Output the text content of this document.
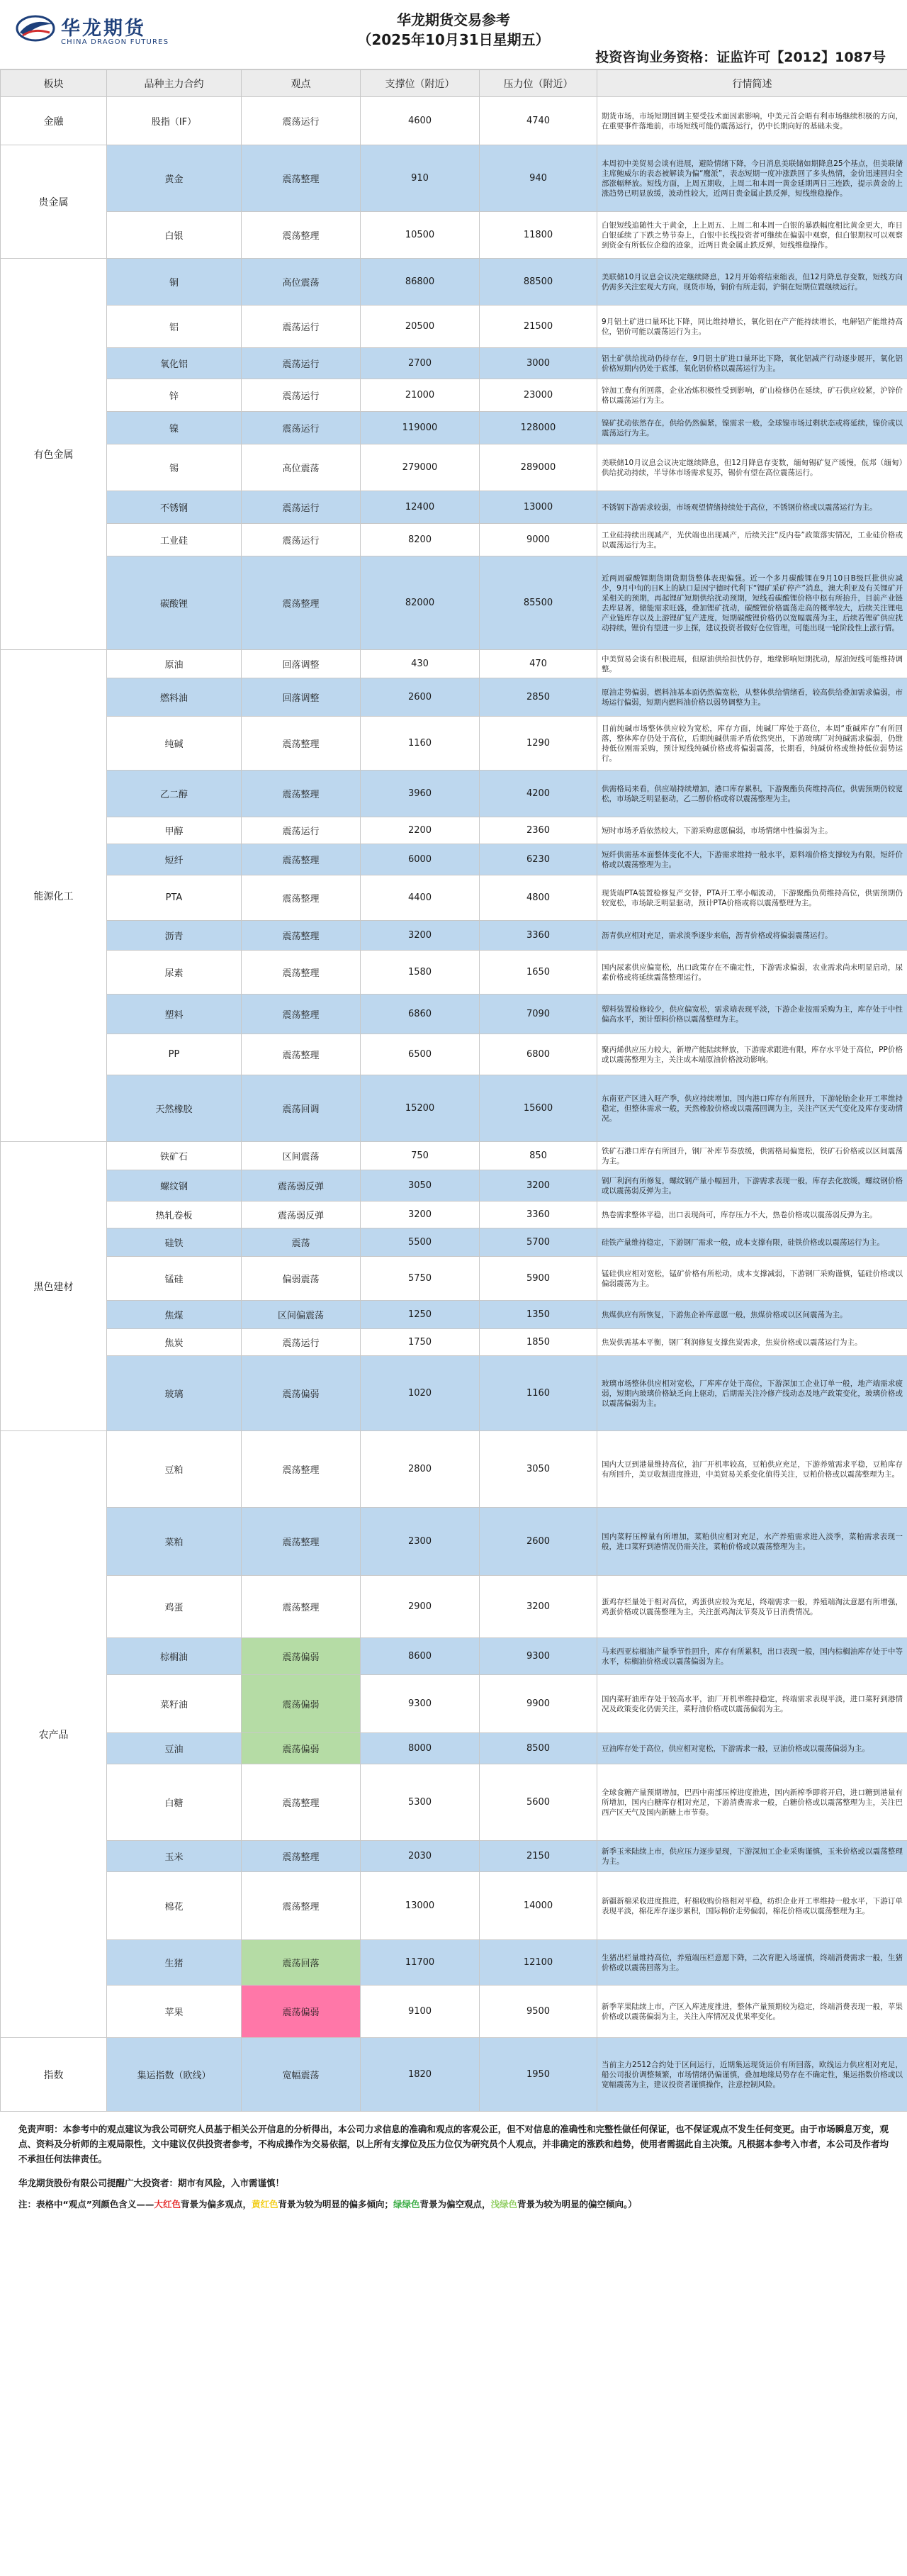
华龙期货
CHINA DRAGON FUTURES
华龙期货交易参考
（2025年10月31日星期五）
投资咨询业务资格：证监许可【2012】1087号
板块	品种主力合约	观点	支撑位（附近）	压力位（附近）	行情简述
金融	股指（IF）	震荡运行	4600	4740	期货市场，市场短期回调主要受技术面因素影响，中美元首会晤有利市场继续积极的方向，在重要事件落地前，市场短线可能仍震荡运行，仍中长期向好的基础未变。
贵金属	黄金	震荡整理	910	940	本周初中美贸易会谈有进展，避险情绪下降，今日消息美联储如期降息25个基点，但美联储主席鲍威尔的表态被解读为偏“鹰派”，表态短期一度冲涨跌回了多头热情，金价迅速回归全部涨幅释放。短线方面，上周五期收，上周二和本周一黄金延期两日三连跌，提示黄金的上涨趋势已明显放缓，波动性较大，近两日贵金属止跌反弹，短线维稳操作。
	白银	震荡整理	10500	11800	白银短线追随性大于黄金，上上周五、上周二和本周一白银的暴跌幅度相比黄金更大，昨日白银延续了下跌之势节奏上，白银中长线投资者可继续在偏弱中观察，但白银期权可以观察到资金有所低位企稳的迹象，近两日贵金属止跌反弹，短线维稳操作。
有色金属	铜	高位震荡	86800	88500	美联储10月议息会议决定继续降息，12月开始将结束缩表，但12月降息存变数，短线方向仍需多关注宏观大方向，现货市场，铜价有所走弱，沪铜在短期位置继续运行。
	铝	震荡运行	20500	21500	9月铝土矿进口量环比下降，同比维持增长，氧化铝在产产能持续增长，电解铝产能维持高位，铝价可能以震荡运行为主。
	氧化铝	震荡运行	2700	3000	铝土矿供给扰动仍待存在，9月铝土矿进口量环比下降，氧化铝减产行动逐步展开，氧化铝价格短期内仍处于底部，氧化铝价格以震荡运行为主。
	锌	震荡运行	21000	23000	锌加工费有所回落，企业冶炼积极性受到影响，矿山检修仍在延续，矿石供应较紧，沪锌价格以震荡运行为主。
	镍	震荡运行	119000	128000	镍矿扰动依然存在，供给仍然偏紧，镍需求一般，全球镍市场过剩状态或将延续，镍价或以震荡运行为主。
	锡	高位震荡	279000	289000	美联储10月议息会议决定继续降息，但12月降息存变数，缅甸锡矿复产缓慢，佤邦（缅甸）供给扰动持续，半导体市场需求复苏，锡价有望在高位震荡运行。
	不锈钢	震荡运行	12400	13000	不锈钢下游需求较弱，市场观望情绪持续处于高位，不锈钢价格或以震荡运行为主。
	工业硅	震荡运行	8200	9000	工业硅持续出现减产，光伏端也出现减产，后续关注“反内卷”政策落实情况，工业硅价格或以震荡运行为主。
	碳酸锂	震荡整理	82000	85500	近两周碳酸锂期货期货期货整体表现偏强。近一个多月碳酸锂在9月10日B级巨批供应减少，9月中旬的日K上的缺口是因宁德时代利下“锂矿采矿停产”消息，澳大利亚及有关锂矿开采相关的预期，再起锂矿短期供给扰动预期，短线看碳酸锂价格中枢有所抬升，目前产业链去库显著，储能需求旺盛，叠加锂矿扰动，碳酸锂价格震荡走高的概率较大，后续关注锂电产业链库存以及上游锂矿复产进度，短期碳酸锂价格仍以宽幅震荡为主，后续若锂矿供应扰动持续，锂价有望进一步上探，建议投资者做好仓位管理，可能出现一轮阶段性上涨行情。
能源化工	原油	回落调整	430	470	中美贸易会谈有积极进展，但原油供给担忧仍存，地缘影响短期扰动，原油短线可能维持调整。
	燃料油	回落调整	2600	2850	原油走势偏弱，燃料油基本面仍然偏宽松，从整体供给情绪看，较高供给叠加需求偏弱，市场运行偏弱，短期内燃料油价格以弱势调整为主。
	纯碱	震荡整理	1160	1290	目前纯碱市场整体供应较为宽松，库存方面，纯碱厂库处于高位，本周“重碱库存”有所回落，整体库存仍处于高位，后期纯碱供需矛盾依然突出，下游玻璃厂对纯碱需求偏弱，仍维持低位刚需采购，预计短线纯碱价格或将偏弱震荡，长期看，纯碱价格或维持低位弱势运行。
	乙二醇	震荡整理	3960	4200	供需格局来看，供应端持续增加，港口库存累积，下游聚酯负荷维持高位，供需预期仍较宽松，市场缺乏明显驱动，乙二醇价格或将以震荡整理为主。
	甲醇	震荡运行	2200	2360	短时市场矛盾依然较大，下游采购意愿偏弱，市场情绪中性偏弱为主。
	短纤	震荡整理	6000	6230	短纤供需基本面整体变化不大，下游需求维持一般水平，原料端价格支撑较为有限，短纤价格或以震荡整理为主。
	PTA	震荡整理	4400	4800	现货端PTA装置检修复产交替，PTA开工率小幅波动，下游聚酯负荷维持高位，供需预期仍较宽松，市场缺乏明显驱动，预计PTA价格或将以震荡整理为主。
	沥青	震荡整理	3200	3360	沥青供应相对充足，需求淡季逐步来临，沥青价格或将偏弱震荡运行。
	尿素	震荡整理	1580	1650	国内尿素供应偏宽松，出口政策存在不确定性，下游需求偏弱，农业需求尚未明显启动，尿素价格或将延续震荡整理运行。
	塑料	震荡整理	6860	7090	塑料装置检修较少，供应偏宽松，需求端表现平淡，下游企业按需采购为主，库存处于中性偏高水平，预计塑料价格以震荡整理为主。
	PP	震荡整理	6500	6800	聚丙烯供应压力较大，新增产能陆续释放，下游需求跟进有限，库存水平处于高位，PP价格或以震荡整理为主，关注成本端原油价格波动影响。
	天然橡胶	震荡回调	15200	15600	东南亚产区进入旺产季，供应持续增加，国内港口库存有所回升，下游轮胎企业开工率维持稳定，但整体需求一般，天然橡胶价格或以震荡回调为主，关注产区天气变化及库存变动情况。
黑色建材	铁矿石	区间震荡	750	850	铁矿石港口库存有所回升，钢厂补库节奏放缓，供需格局偏宽松，铁矿石价格或以区间震荡为主。
	螺纹钢	震荡弱反弹	3050	3200	钢厂利润有所修复，螺纹钢产量小幅回升，下游需求表现一般，库存去化放缓，螺纹钢价格或以震荡弱反弹为主。
	热轧卷板	震荡弱反弹	3200	3360	热卷需求整体平稳，出口表现尚可，库存压力不大，热卷价格或以震荡弱反弹为主。
	硅铁	震荡	5500	5700	硅铁产量维持稳定，下游钢厂需求一般，成本支撑有限，硅铁价格或以震荡运行为主。
	锰硅	偏弱震荡	5750	5900	锰硅供应相对宽松，锰矿价格有所松动，成本支撑减弱，下游钢厂采购谨慎，锰硅价格或以偏弱震荡为主。
	焦煤	区间偏震荡	1250	1350	焦煤供应有所恢复，下游焦企补库意愿一般，焦煤价格或以区间震荡为主。
	焦炭	震荡运行	1750	1850	焦炭供需基本平衡，钢厂利润修复支撑焦炭需求，焦炭价格或以震荡运行为主。
	玻璃	震荡偏弱	1020	1160	玻璃市场整体供应相对宽松，厂库库存处于高位，下游深加工企业订单一般，地产端需求疲弱，短期内玻璃价格缺乏向上驱动，后期需关注冷修产线动态及地产政策变化，玻璃价格或以震荡偏弱为主。
农产品	豆粕	震荡整理	2800	3050	国内大豆到港量维持高位，油厂开机率较高，豆粕供应充足，下游养殖需求平稳，豆粕库存有所回升，美豆收割进度推进，中美贸易关系变化值得关注，豆粕价格或以震荡整理为主。
	菜粕	震荡整理	2300	2600	国内菜籽压榨量有所增加，菜粕供应相对充足，水产养殖需求进入淡季，菜粕需求表现一般，进口菜籽到港情况仍需关注，菜粕价格或以震荡整理为主。
	鸡蛋	震荡整理	2900	3200	蛋鸡存栏量处于相对高位，鸡蛋供应较为充足，终端需求一般，养殖端淘汰意愿有所增强，鸡蛋价格或以震荡整理为主，关注蛋鸡淘汰节奏及节日消费情况。
	棕榈油	震荡偏弱	8600	9300	马来西亚棕榈油产量季节性回升，库存有所累积，出口表现一般，国内棕榈油库存处于中等水平，棕榈油价格或以震荡偏弱为主。
	菜籽油	震荡偏弱	9300	9900	国内菜籽油库存处于较高水平，油厂开机率维持稳定，终端需求表现平淡，进口菜籽到港情况及政策变化仍需关注，菜籽油价格或以震荡偏弱为主。
	豆油	震荡偏弱	8000	8500	豆油库存处于高位，供应相对宽松，下游需求一般，豆油价格或以震荡偏弱为主。
	白糖	震荡整理	5300	5600	全球食糖产量预期增加，巴西中南部压榨进度推进，国内新榨季即将开启，进口糖到港量有所增加，国内白糖库存相对充足，下游消费需求一般，白糖价格或以震荡整理为主，关注巴西产区天气及国内新糖上市节奏。
	玉米	震荡整理	2030	2150	新季玉米陆续上市，供应压力逐步显现，下游深加工企业采购谨慎，玉米价格或以震荡整理为主。
	棉花	震荡整理	13000	14000	新疆新棉采收进度推进，籽棉收购价格相对平稳，纺织企业开工率维持一般水平，下游订单表现平淡，棉花库存逐步累积，国际棉价走势偏弱，棉花价格或以震荡整理为主。
	生猪	震荡回落	11700	12100	生猪出栏量维持高位，养殖端压栏意愿下降，二次育肥入场谨慎，终端消费需求一般，生猪价格或以震荡回落为主。
	苹果	震荡偏弱	9100	9500	新季苹果陆续上市，产区入库进度推进，整体产量预期较为稳定，终端消费表现一般，苹果价格或以震荡偏弱为主，关注入库情况及优果率变化。
指数	集运指数（欧线）	宽幅震荡	1820	1950	当前主力2512合约处于区间运行，近期集运现货运价有所回落，欧线运力供应相对充足，船公司报价调整频繁，市场情绪仍偏谨慎，叠加地缘局势存在不确定性，集运指数价格或以宽幅震荡为主，建议投资者谨慎操作，注意控制风险。
免责声明：本参考中的观点建议为我公司研究人员基于相关公开信息的分析得出，本公司力求信息的准确和观点的客观公正，但不对信息的准确性和完整性做任何保证，也不保证观点不发生任何变更。由于市场瞬息万变，观点、资料及分析师的主观局限性，文中建议仅供投资者参考，不构成操作为交易依据，以上所有支撑位及压力位仅为研究员个人观点，并非确定的涨跌和趋势，使用者需据此自主决策。凡根据本参考入市者，本公司及作者均不承担任何法律责任。
华龙期货股份有限公司提醒广大投资者：期市有风险，入市需谨慎！
注：表格中“观点”列颜色含义——大红色背景为偏多观点，黄红色背景为较为明显的偏多倾向；绿绿色背景为偏空观点，浅绿色背景为较为明显的偏空倾向。）
